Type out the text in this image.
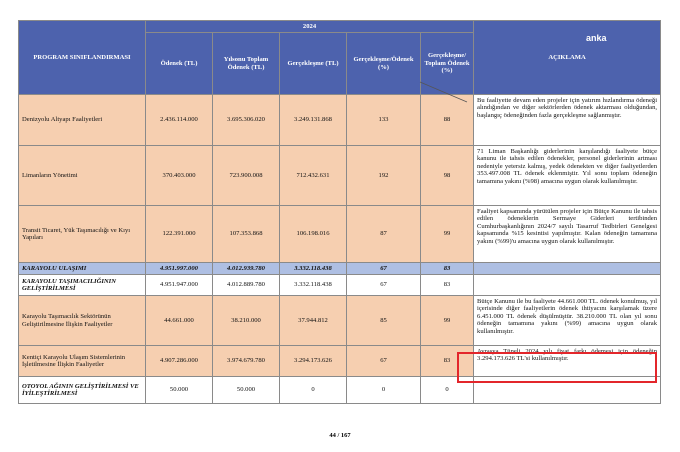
PROGRAM SINIFLANDIRMASI	2024					AÇIKLAMA
	Ödenek (TL)	Yılsonu Toplam Ödenek (TL)	Gerçekleşme (TL)	Gerçekleşme/Ödenek (%)	Gerçekleşme/ Toplam Ödenek (%)	
Denizyolu Altyapı Faaliyetleri	2.436.114.000	3.695.306.020	3.249.131.868	133	88	Bu faaliyette devam eden projeler için yatırım hızlandırma ödeneği alındığından ve diğer sektörlerden ödenek aktarması olduğundan, başlangıç ödeneğinden fazla gerçekleşme sağlanmıştır.
Limanların Yönetimi	370.403.000	723.900.008	712.432.631	192	98	71 Liman Başkanlığı giderlerinin karşılandığı faaliyete bütçe kanunu ile tahsis edilen ödenekler, personel giderlerinin artması nedeniyle yetersiz kalmış, yedek ödenekten ve diğer faaliyetlerden 353.497.008 TL ödenek eklenmiştir. Yıl sonu toplam ödeneğin tamamına yakını (%98) amacına uygun olarak kullanılmıştır.
Transit Ticaret, Yük Taşımacılığı ve Kıyı Yapıları	122.391.000	107.353.868	106.198.016	87	99	Faaliyet kapsamında yürütülen projeler için Bütçe Kanunu ile tahsis edilen ödeneklerin Sermaye Giderleri tertibinden Cumhurbaşkanlığının 2024/7 sayılı Tasarruf Tedbirleri Genelgesi kapsamında %15 kesintisi yapılmıştır. Kalan ödeneğin tamamına yakını (%99)'u amacına uygun olarak kullanılmıştır.
KARAYOLU ULAŞIMI	4.951.997.000	4.012.939.780	3.332.118.438	67	83	
KARAYOLU TAŞIMACILIĞININ GELİŞTİRİLMESİ	4.951.947.000	4.012.889.780	3.332.118.438	67	83	
Karayolu Taşımacılık Sektörünün Geliştirilmesine İlişkin Faaliyetler	44.661.000	38.210.000	37.944.812	85	99	Bütçe Kanunu ile bu faaliyete 44.661.000 TL. ödenek konulmuş, yıl içerisinde diğer faaliyetlerin ödenek ihtiyacını karşılamak üzere 6.451.000 TL ödenek düşülmüştür. 38.210.000 TL olan yıl sonu ödeneğin tamamına yakını (%99) amacına uygun olarak kullanılmıştır.
Kentiçi Karayolu Ulaşım Sistemlerinin İşletilmesine İlişkin Faaliyetler	4.907.286.000	3.974.679.780	3.294.173.626	67	83	Avrasya Tüneli 2024 yılı fiyat farkı ödemesi için ödeneğin 3.294.173.626 TL'si kullanılmıştır.
OTOYOL AĞININ GELİŞTİRİLMESİ VE İYİLEŞTİRİLMESİ	50.000	50.000	0	0	0	
anka
44 / 167
